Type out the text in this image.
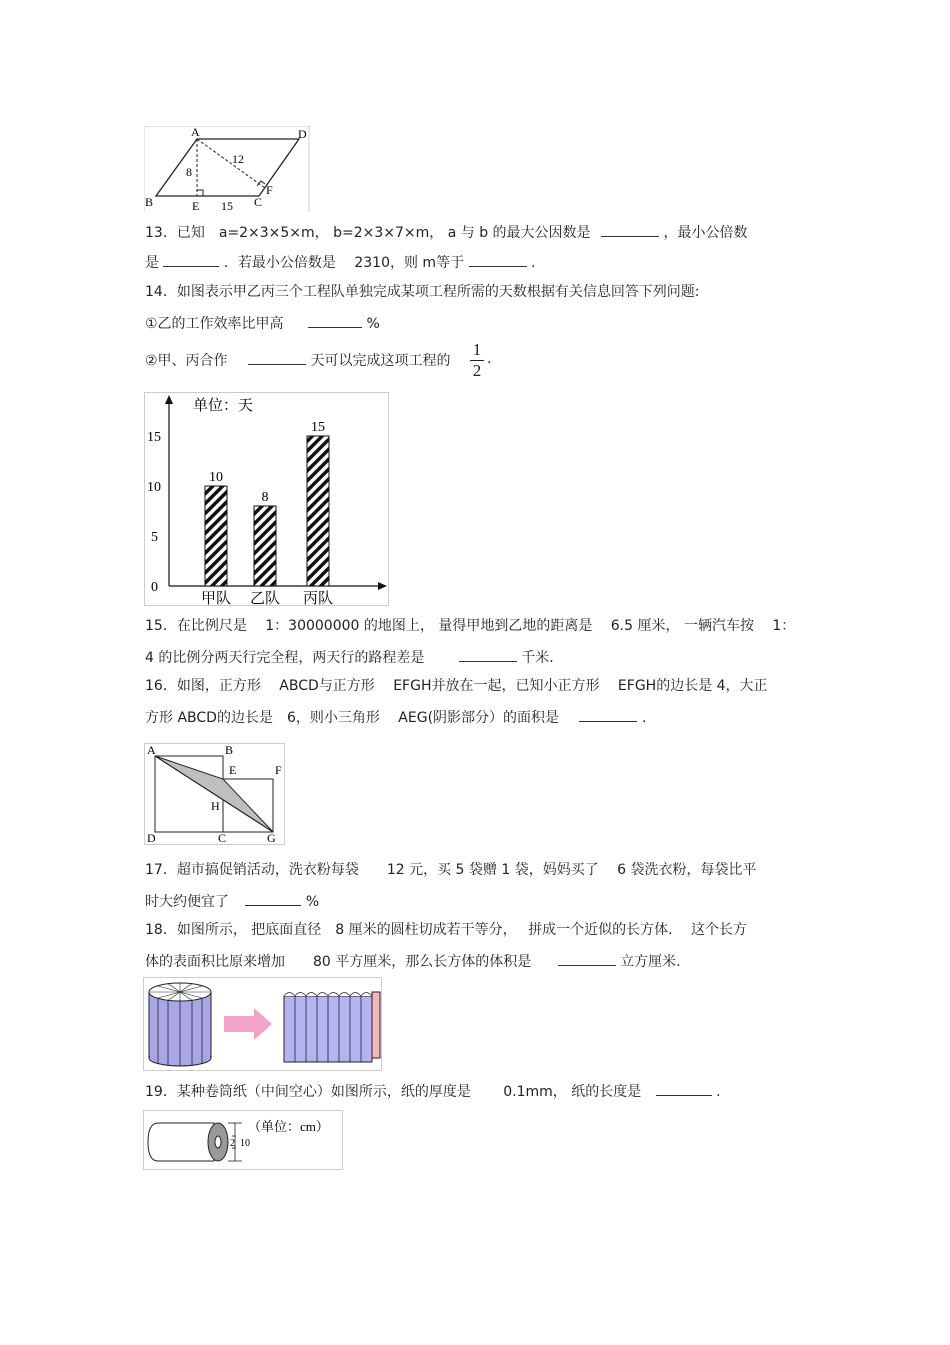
A	D
B	E	C
F
8
12
15
13．已知　a=2×3×5×m， b=2×3×7×m， a 与 b 的最大公因数是	，最小公倍数
是	．若最小公倍数是　 2310，则 m等于	.
14．如图表示甲乙丙三个工程队单独完成某项工程所需的天数根据有关信息回答下列问题:
①乙的工作效率比甲高	%
②甲、丙合作	天可以完成这项工程的
1
2
.
单位：天
0
5
10
15
10
甲队
8
乙队
15
丙队
15．在比例尺是　 1：30000000 的地图上， 量得甲地到乙地的距离是　 6.5 厘米， 一辆汽车按　 1：
4 的比例分两天行完全程，两天行的路程差是	千米.
16．如图，正方形　 ABCD与正方形　 EFGH并放在一起，已知小正方形　 EFGH的边长是 4，大正
方形 ABCD的边长是　6，则小三角形　 AEG(阴影部分）的面积是	.
A	B
E	F
H
D	C	G
17．超市搞促销活动，洗衣粉每袋　　12 元，买 5 袋赠 1 袋，妈妈买了　 6 袋洗衣粉，每袋比平
时大约便宜了	%
18．如图所示， 把底面直径　8 厘米的圆柱切成若干等分，　 拼成一个近似的长方体.　 这个长方
体的表面积比原来增加　　80 平方厘米，那么长方体的体积是	立方厘米.
19．某种卷筒纸（中间空心）如图所示，纸的厚度是　　 0.1mm， 纸的长度是	.
2 10
（单位：cm）
